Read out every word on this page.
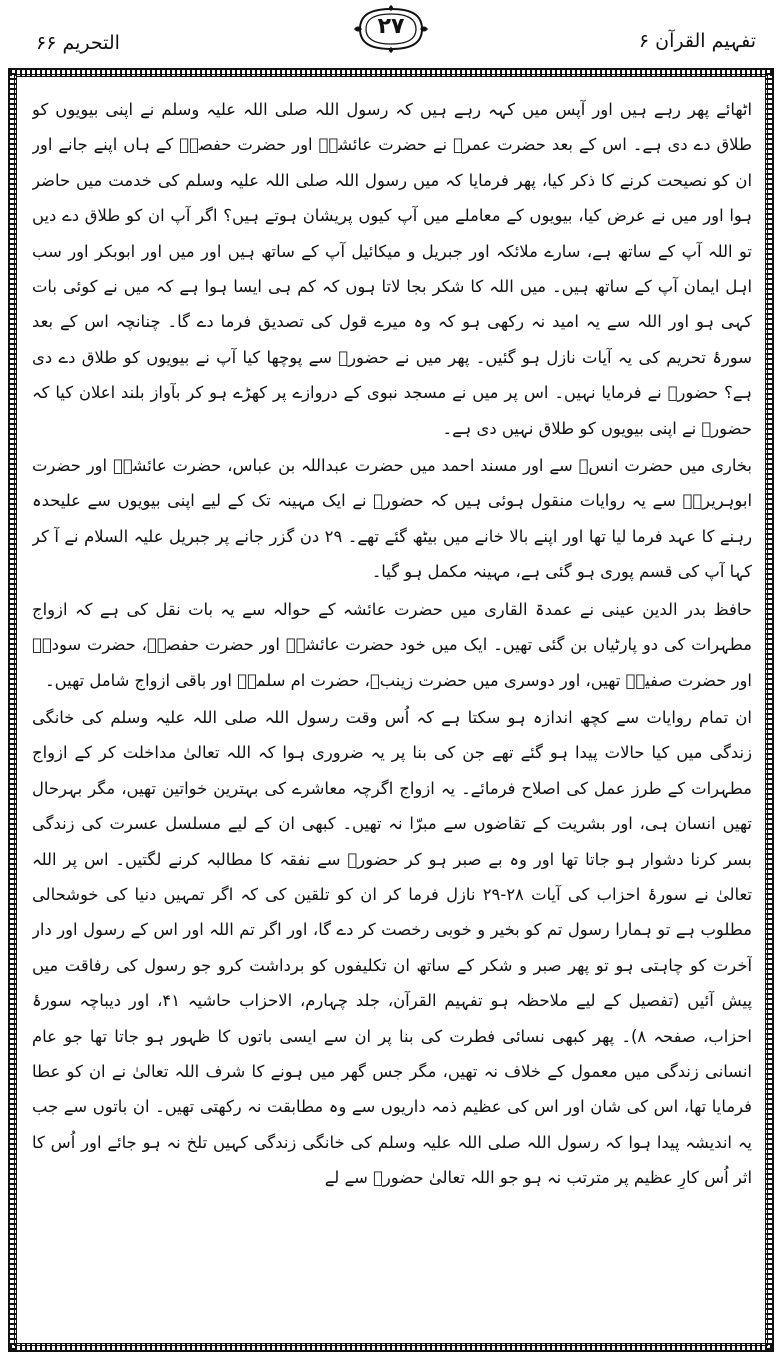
تفہیم القرآن ۶
۲۷
التحریم ۶۶

اٹھائے پھر رہے ہیں اور آپس میں کہہ رہے ہیں کہ رسول اللہ صلی اللہ علیہ وسلم نے اپنی بیویوں کو طلاق دے دی ہے۔ اس کے بعد حضرت عمرؓ نے حضرت عائشہؓ اور حضرت حفصہؓ کے ہاں اپنے جانے اور ان کو نصیحت کرنے کا ذکر کیا، پھر فرمایا کہ میں رسول اللہ صلی اللہ علیہ وسلم کی خدمت میں حاضر ہوا اور میں نے عرض کیا، بیویوں کے معاملے میں آپ کیوں پریشان ہوتے ہیں؟ اگر آپ ان کو طلاق دے دیں تو اللہ آپ کے ساتھ ہے، سارے ملائکہ اور جبریل و میکائیل آپ کے ساتھ ہیں اور میں اور ابوبکر اور سب اہل ایمان آپ کے ساتھ ہیں۔ میں اللہ کا شکر بجا لاتا ہوں کہ کم ہی ایسا ہوا ہے کہ میں نے کوئی بات کہی ہو اور اللہ سے یہ امید نہ رکھی ہو کہ وہ میرے قول کی تصدیق فرما دے گا۔ چنانچہ اس کے بعد سورۂ تحریم کی یہ آیات نازل ہو گئیں۔ پھر میں نے حضورؐ سے پوچھا کیا آپ نے بیویوں کو طلاق دے دی ہے؟ حضورؐ نے فرمایا نہیں۔ اس پر میں نے مسجد نبوی کے دروازے پر کھڑے ہو کر بآواز بلند اعلان کیا کہ حضورؐ نے اپنی بیویوں کو طلاق نہیں دی ہے۔

بخاری میں حضرت انسؓ سے اور مسند احمد میں حضرت عبداللہ بن عباس، حضرت عائشہؓ اور حضرت ابوہریرہؓ سے یہ روایات منقول ہوئی ہیں کہ حضورؐ نے ایک مہینہ تک کے لیے اپنی بیویوں سے علیحدہ رہنے کا عہد فرما لیا تھا اور اپنے بالا خانے میں بیٹھ گئے تھے۔ ۲۹ دن گزر جانے پر جبریل علیہ السلام نے آ کر کہا آپ کی قسم پوری ہو گئی ہے، مہینہ مکمل ہو گیا۔

حافظ بدر الدین عینی نے عمدۃ القاری میں حضرت عائشہ کے حوالہ سے یہ بات نقل کی ہے کہ ازواج مطہرات کی دو پارٹیاں بن گئی تھیں۔ ایک میں خود حضرت عائشہؓ اور حضرت حفصہؓ، حضرت سودہؓ اور حضرت صفیہؓ تھیں، اور دوسری میں حضرت زینبؓ، حضرت ام سلمہؓ اور باقی ازواج شامل تھیں۔

ان تمام روایات سے کچھ اندازہ ہو سکتا ہے کہ اُس وقت رسول اللہ صلی اللہ علیہ وسلم کی خانگی زندگی میں کیا حالات پیدا ہو گئے تھے جن کی بنا پر یہ ضروری ہوا کہ اللہ تعالیٰ مداخلت کر کے ازواج مطہرات کے طرز عمل کی اصلاح فرمائے۔ یہ ازواج اگرچہ معاشرے کی بہترین خواتین تھیں، مگر بہرحال تھیں انسان ہی، اور بشریت کے تقاضوں سے مبرّا نہ تھیں۔ کبھی ان کے لیے مسلسل عسرت کی زندگی بسر کرنا دشوار ہو جاتا تھا اور وہ بے صبر ہو کر حضورؐ سے نفقہ کا مطالبہ کرنے لگتیں۔ اس پر اللہ تعالیٰ نے سورۂ احزاب کی آیات ۲۸-۲۹ نازل فرما کر ان کو تلقین کی کہ اگر تمہیں دنیا کی خوشحالی مطلوب ہے تو ہمارا رسول تم کو بخیر و خوبی رخصت کر دے گا، اور اگر تم اللہ اور اس کے رسول اور دار آخرت کو چاہتی ہو تو پھر صبر و شکر کے ساتھ ان تکلیفوں کو برداشت کرو جو رسول کی رفاقت میں پیش آئیں (تفصیل کے لیے ملاحظہ ہو تفہیم القرآن، جلد چہارم، الاحزاب حاشیہ ۴۱، اور دیباچہ سورۂ احزاب، صفحہ ۸)۔ پھر کبھی نسائی فطرت کی بنا پر ان سے ایسی باتوں کا ظہور ہو جاتا تھا جو عام انسانی زندگی میں معمول کے خلاف نہ تھیں، مگر جس گھر میں ہونے کا شرف اللہ تعالیٰ نے ان کو عطا فرمایا تھا، اس کی شان اور اس کی عظیم ذمہ داریوں سے وہ مطابقت نہ رکھتی تھیں۔ ان باتوں سے جب یہ اندیشہ پیدا ہوا کہ رسول اللہ صلی اللہ علیہ وسلم کی خانگی زندگی کہیں تلخ نہ ہو جائے اور اُس کا اثر اُس کارِ عظیم پر مترتب نہ ہو جو اللہ تعالیٰ حضورؐ سے لے
